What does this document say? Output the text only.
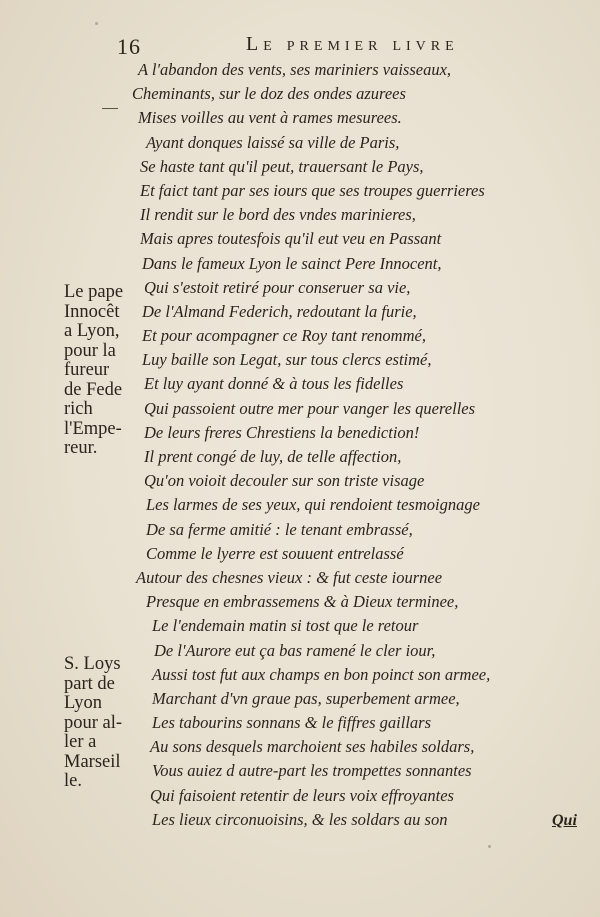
16	Le premier livre
A l'abandon des vents, ses mariniers vaisseaux,
Cheminants, sur le doz des ondes azurees
Mises voilles au vent à rames mesurees.
Ayant donques laissé sa ville de Paris,
Se haste tant qu'il peut, trauersant le Pays,
Et faict tant par ses iours que ses troupes guerrieres
Il rendit sur le bord des vndes marinieres,
Mais apres toutesfois qu'il eut veu en Passant
Dans le fameux Lyon le sainct Pere Innocent,
Qui s'estoit retiré pour conseruer sa vie,
De l'Almand Federich, redoutant la furie,
Et pour acompagner ce Roy tant renommé,
Luy baille son Legat, sur tous clercs estimé,
Et luy ayant donné & à tous les fidelles
Qui passoient outre mer pour vanger les querelles
De leurs freres Chrestiens la benediction!
Il prent congé de luy, de telle affection,
Qu'on voioit decouler sur son triste visage
Les larmes de ses yeux, qui rendoient tesmoignage
De sa ferme amitié : le tenant embrassé,
Comme le lyerre est souuent entrelassé
Autour des chesnes vieux : & fut ceste iournee
Presque en embrassemens & à Dieux terminee,
Le l'endemain matin si tost que le retour
De l'Aurore eut ça bas ramené le cler iour,
Aussi tost fut aux champs en bon poinct son armee,
Marchant d'vn graue pas, superbement armee,
Les tabourins sonnans & le fiffres gaillars
Au sons desquels marchoient ses habiles soldars,
Vous auiez d autre-part les trompettes sonnantes
Qui faisoient retentir de leurs voix effroyantes
Les lieux circonuoisins, & les soldars au son
Le pape
Innocêt
a Lyon,
pour la
fureur
de Fede
rich
l'Empe-
reur.
S. Loys
part de
Lyon
pour al-
ler a
Marseil
le.
Qui
